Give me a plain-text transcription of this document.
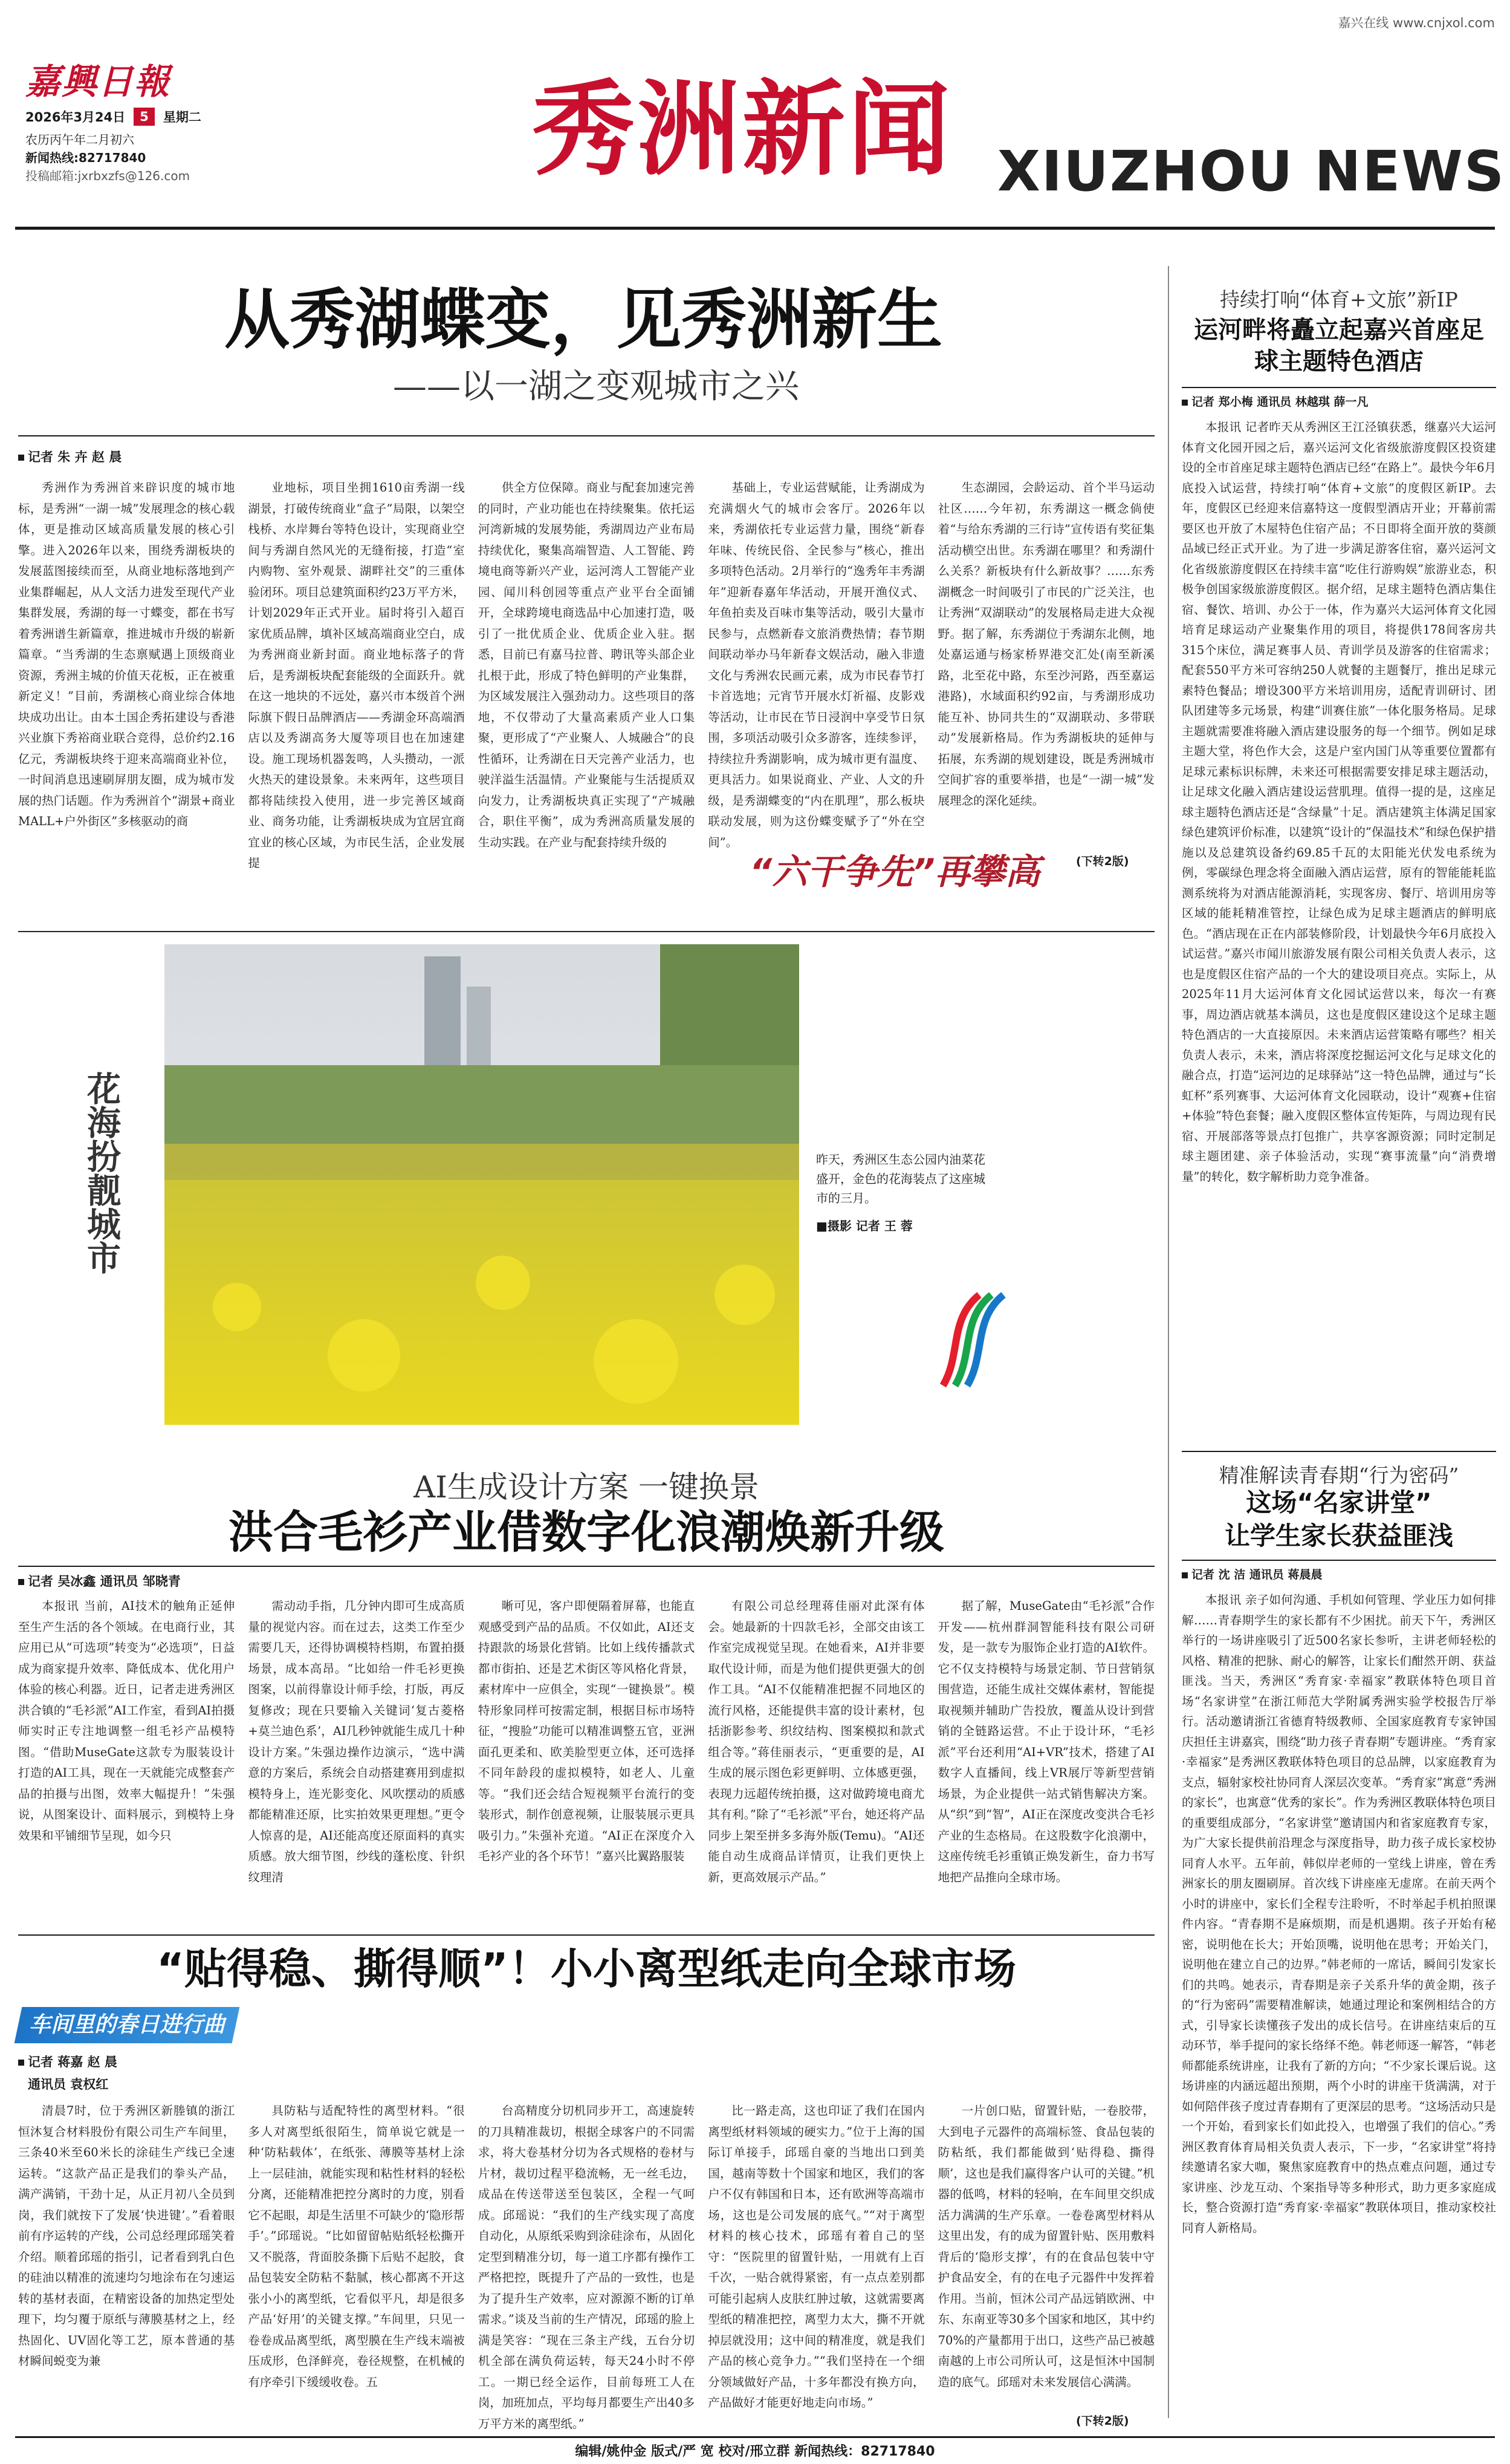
嘉兴在线 www.cnjxol.com
嘉興日報
2026年3月24日	5	星期二
农历丙午年二月初六
新闻热线:82717840
投稿邮箱:jxrbxzfs@126.com	秀洲新闻 XIUZHOU NEWS
从秀湖蝶变，见秀洲新生
——以一湖之变观城市之兴
记者 朱 卉 赵 晨
秀洲作为秀洲首来辟识度的城市地标，是秀洲“一湖一城”发展理念的核心载体，更是推动区域高质量发展的核心引擎。进入2026年以来，围绕秀湖板块的发展蓝图接续而至，从商业地标落地到产业集群崛起，从人文活力进发至现代产业集群发展，秀湖的每一寸蝶变，都在书写着秀洲谱生新篇章，推进城市升级的崭新篇章。“当秀湖的生态禀赋遇上顶级商业资源，秀洲主城的价值天花板，正在被重新定义！”目前，秀湖核心商业综合体地块成功出让。由本土国企秀拓建设与香港兴业旗下秀裕商业联合竞得，总价约2.16亿元，秀湖板块终于迎来高端商业补位，一时间消息迅速刷屏朋友圈，成为城市发展的热门话题。作为秀洲首个“湖景+商业MALL+户外街区”多核驱动的商
业地标，项目坐拥1610亩秀湖一线湖景，打破传统商业“盒子”局限，以架空栈桥、水岸舞台等特色设计，实现商业空间与秀湖自然风光的无缝衔接，打造“室内购物、室外观景、湖畔社交”的三重体验闭环。项目总建筑面积约23万平方米，计划2029年正式开业。届时将引入超百家优质品牌，填补区域高端商业空白，成为秀洲商业新封面。商业地标落子的背后，是秀湖板块配套能级的全面跃升。就在这一地块的不远处，嘉兴市本级首个洲际旗下假日品牌酒店——秀湖金环高端酒店以及秀湖高务大厦等项目也在加速建设。施工现场机器轰鸣，人头攒动，一派火热天的建设景象。未来两年，这些项目都将陆续投入使用，进一步完善区域商业、商务功能，让秀湖板块成为宜居宜商宜业的核心区域，为市民生活，企业发展提
供全方位保障。商业与配套加速完善的同时，产业功能也在持续聚集。依托运河湾新城的发展势能，秀湖周边产业布局持续优化，聚集高端智造、人工智能、跨境电商等新兴产业，运河湾人工智能产业园、闻川科创园等重点产业平台全面铺开，全球跨境电商选品中心加速打造，吸引了一批优质企业、优质企业入驻。据悉，目前已有嘉马拉普、聘讯等头部企业扎根于此，形成了特色鲜明的产业集群，为区域发展注入强劲动力。这些项目的落地，不仅带动了大量高素质产业人口集聚，更形成了“产业聚人、人城融合”的良性循环，让秀湖在日天完善产业活力，也驶洋溢生活温情。产业聚能与生活提质双向发力，让秀湖板块真正实现了“产城融合，职住平衡”，成为秀洲高质量发展的生动实践。在产业与配套持续升级的
基础上，专业运营赋能，让秀湖成为充满烟火气的城市会客厅。2026年以来，秀湖依托专业运营力量，围绕“新春年味、传统民俗、全民参与”核心，推出多项特色活动。2月举行的“逸秀年丰秀湖年”迎新春嘉年华活动，开展开渔仪式、年鱼拍卖及百味市集等活动，吸引大量市民参与，点燃新春文旅消费热情；春节期间联动举办马年新春文娱活动，融入非遗文化与秀洲农民画元素，成为市民春节打卡首选地；元宵节开展水灯祈福、皮影戏等活动，让市民在节日浸润中享受节日氛围，多项活动吸引众多游客，连续参评，持续拉升秀湖影响，成为城市更有温度、更具活力。如果说商业、产业、人文的升级，是秀湖蝶变的“内在肌理”，那么板块联动发展，则为这份蝶变赋予了“外在空间”。
生态湖园，会龄运动、首个半马运动社区……今年初，东秀湖这一概念倘使着“与给东秀湖的三行诗”宣传语有奖征集活动横空出世。东秀湖在哪里？和秀湖什么关系？新板块有什么新故事？……东秀湖概念一时间吸引了市民的广泛关注，也让秀洲“双湖联动”的发展格局走进大众视野。据了解，东秀湖位于秀湖东北侧，地处嘉运通与杨家桥界港交汇处(南至新溪路，北至花中路，东至沙河路，西至嘉运港路)，水域面积约92亩，与秀湖形成功能互补、协同共生的“双湖联动、多带联动”发展新格局。作为秀湖板块的延伸与拓展，东秀湖的规划建设，既是秀洲城市空间扩容的重要举措，也是“一湖一城”发展理念的深化延续。
(下转2版)
“六干争先”再攀高
花海扮靓城市	昨天，秀洲区生态公园内油菜花盛开，金色的花海装点了这座城市的三月。
■摄影 记者 王 蓉
持续打响“体育+文旅”新IP
运河畔将矗立起嘉兴首座足球主题特色酒店
记者 郑小梅 通讯员 林越琪 薛一凡
本报讯 记者昨天从秀洲区王江泾镇获悉，继嘉兴大运河体育文化园开园之后，嘉兴运河文化省级旅游度假区投资建设的全市首座足球主题特色酒店已经“在路上”。最快今年6月底投入试运营，持续打响“体育+文旅”的度假区新IP。去年，度假区已经迎来信嘉特这一度假型酒店开业；开幕前需要区也开放了木屋特色住宿产品；不日即将全面开放的葵颜品域已经正式开业。为了进一步满足游客住宿，嘉兴运河文化省级旅游度假区在持续丰富“吃住行游购娱”旅游业态，积极争创国家级旅游度假区。据介绍，足球主题特色酒店集住宿、餐饮、培训、办公于一体，作为嘉兴大运河体育文化园培育足球运动产业聚集作用的项目，将提供178间客房共315个床位，满足赛事人员、青训学员及游客的住宿需求；配套550平方米可容纳250人就餐的主题餐厅，推出足球元素特色餐品；增设300平方米培训用房，适配青训研讨、团队团建等多元场景，构建“训赛住旅”一体化服务格局。足球主题就需要准将融入酒店建设服务的每一个细节。例如足球主题大堂，将色作大会，这是户室内国门从等重要位置都有足球元素标识标牌，未来还可根据需要安排足球主题活动，让足球文化融入酒店建设运营肌理。值得一提的是，这座足球主题特色酒店还是“含绿量”十足。酒店建筑主体满足国家绿色建筑评价标准，以建筑“设计的”保温技术”和绿色保护措施以及总建筑设备约69.85千瓦的太阳能光伏发电系统为例，零碳绿色理念将全面融入酒店运营，原有的智能能耗监测系统将为对酒店能源消耗，实现客房、餐厅、培训用房等区域的能耗精准管控，让绿色成为足球主题酒店的鲜明底色。“酒店现在正在内部装修阶段，计划最快今年6月底投入试运营。”嘉兴市闻川旅游发展有限公司相关负责人表示，这也是度假区住宿产品的一个大的建设项目亮点。实际上，从2025年11月大运河体育文化园试运营以来，每次一有赛事，周边酒店就基本满员，这也是度假区建设这个足球主题特色酒店的一大直接原因。未来酒店运营策略有哪些？相关负责人表示，未来，酒店将深度挖掘运河文化与足球文化的融合点，打造“运河边的足球驿站”这一特色品牌，通过与“长虹杯”系列赛事、大运河体育文化园联动，设计“观赛+住宿+体验”特色套餐；融入度假区整体宣传矩阵，与周边现有民宿、开展部落等景点打包推广，共享客源资源；同时定制足球主题团建、亲子体验活动，实现“赛事流量”向“消费增量”的转化，数字解析助力竞争准备。
精准解读青春期“行为密码”
这场“名家讲堂”
让学生家长获益匪浅
记者 沈 洁 通讯员 蒋晨晨
本报讯 亲子如何沟通、手机如何管理、学业压力如何排解……青春期学生的家长都有不少困扰。前天下午，秀洲区举行的一场讲座吸引了近500名家长参听，主讲老师轻松的风格、精准的把脉、耐心的解答，让家长们酣然开朗、获益匪浅。当天，秀洲区“秀育家·幸福家”教联体特色项目首场“名家讲堂”在浙江师范大学附属秀洲实验学校报告厅举行。活动邀请浙江省德育特级教师、全国家庭教育专家钟国庆担任主讲嘉宾，围绕“助力孩子青春期”专题讲座。“秀育家·幸福家”是秀洲区教联体特色项目的总品牌，以家庭教育为支点，辐射家校社协同育人深层次变革。“秀育家”寓意“秀洲的家长”，也寓意“优秀的家长”。作为秀洲区教联体特色项目的重要组成部分，“名家讲堂”邀请国内和省家庭教育专家，为广大家长提供前沿理念与深度指导，助力孩子成长家校协同育人水平。五年前，韩似岸老师的一堂线上讲座，曾在秀洲家长的朋友圈刷屏。首次线下讲座座无虚席。在前天两个小时的讲座中，家长们全程专注聆听，不时举起手机拍照课件内容。“青春期不是麻烦期，而是机遇期。孩子开始有秘密，说明他在长大；开始顶嘴，说明他在思考；开始关门，说明他在建立自己的边界。”韩老师的一席话，瞬间引发家长们的共鸣。她表示，青春期是亲子关系升华的黄金期，孩子的“行为密码”需要精准解读，她通过理论和案例相结合的方式，引导家长读懂孩子发出的成长信号。在讲座结束后的互动环节，举手提问的家长络绎不绝。韩老师逐一解答，“韩老师都能系统讲座，让我有了新的方向；“不少家长课后说。这场讲座的内涵远超出预期，两个小时的讲座干货满满，对于如何陪伴孩子度过青春期有了更深层的思考。“这场活动只是一个开始，看到家长们如此投入，也增强了我们的信心。”秀洲区教育体育局相关负责人表示，下一步，“名家讲堂”将持续邀请名家大咖，聚焦家庭教育中的热点难点问题，通过专家讲座、沙龙互动、个案指导等多种形式，助力更多家庭成长，整合资源打造“秀育家·幸福家”教联体项目，推动家校社同育人新格局。
AI生成设计方案 一键换景
洪合毛衫产业借数字化浪潮焕新升级
记者 吴冰鑫 通讯员 邹晓青
本报讯 当前，AI技术的触角正延伸至生产生活的各个领域。在电商行业，其应用已从“可选项”转变为“必选项”，日益成为商家提升效率、降低成本、优化用户体验的核心利器。近日，记者走进秀洲区洪合镇的“毛衫派”AI工作室，看到AI拍摄师实时正专注地调整一组毛衫产品模特图。“借助MuseGate这款专为服装设计打造的AI工具，现在一天就能完成整套产品的拍摄与出图，效率大幅提升！”朱强说，从图案设计、面料展示，到模特上身效果和平铺细节呈现，如今只
需动动手指，几分钟内即可生成高质量的视觉内容。而在过去，这类工作至少需要几天，还得协调模特档期，布置拍摄场景，成本高昂。“比如给一件毛衫更换图案，以前得靠设计师手绘，打版，再反复修改；现在只要输入关键词‘复古菱格+莫兰迪色系’，AI几秒钟就能生成几十种设计方案。”朱强边操作边演示，“选中满意的方案后，系统会自动搭建赛用到虚拟模特身上，连光影变化、风吹摆动的质感都能精准还原，比实拍效果更理想。”更令人惊喜的是，AI还能高度还原面料的真实质感。放大细节图，纱线的蓬松度、针织纹理清
晰可见，客户即便隔着屏幕，也能直观感受到产品的品质。不仅如此，AI还支持跟款的场景化营销。比如上线传播款式都市街拍、还是艺术街区等风格化背景，素材库中一应俱全，实现“一键换景”。模特形象同样可按需定制，根据目标市场特征，“搜脸”功能可以精准调整五官，亚洲面孔更柔和、欧美脸型更立体，还可选择不同年龄段的虚拟模特，如老人、儿童等。“我们还会结合短视频平台流行的变装形式，制作创意视频，让服装展示更具吸引力。”朱强补充道。“AI正在深度介入毛衫产业的各个环节！”嘉兴比翼路服装
有限公司总经理蒋佳丽对此深有体会。她最新的十四款毛衫，全部交由该工作室完成视觉呈现。在她看来，AI并非要取代设计师，而是为他们提供更强大的创作工具。“AI不仅能精准把握不同地区的流行风格，还能提供丰富的设计素材，包括浙影参考、织纹结构、图案模拟和款式组合等。”蒋佳丽表示，“更重要的是，AI生成的展示图色彩更鲜明、立体感更强，表现力远超传统拍摄，这对做跨境电商尤其有利。”除了“毛衫派”平台，她还将产品同步上架至拼多多海外版(Temu)。“AI还能自动生成商品详情页，让我们更快上新，更高效展示产品。”
据了解，MuseGate由“毛衫派”合作开发——杭州群洞智能科技有限公司研发，是一款专为服饰企业打造的AI软件。它不仅支持模特与场景定制、节日营销氛围营造，还能生成社交媒体素材，智能提取视频并辅助广告投放，覆盖从设计到营销的全链路运营。不止于设计环，“毛衫派”平台还利用“AI+VR”技术，搭建了AI数字人直播间，线上VR展厅等新型营销场景，为企业提供一站式销售解决方案。从“织”到“智”，AI正在深度改变洪合毛衫产业的生态格局。在这股数字化浪潮中，这座传统毛衫重镇正焕发新生，奋力书写地把产品推向全球市场。
“贴得稳、撕得顺”！小小离型纸走向全球市场
车间里的春日进行曲
记者 蒋嘉 赵 晨
通讯员 袁权红
清晨7时，位于秀洲区新塍镇的浙江恒沐复合材料股份有限公司生产车间里，三条40米至60米长的涂硅生产线已全速运转。“这款产品正是我们的拳头产品，满产满销，干劲十足，从正月初八全员到岗，我们就按下了发展‘快进键’。”看着眼前有序运转的产线，公司总经理邱瑶笑着介绍。顺着邱瑶的指引，记者看到乳白色的硅油以精准的流速均匀地涂布在匀速运转的基材表面，在精密设备的加热定型处理下，均匀覆于原纸与薄膜基材之上，经热固化、UV固化等工艺，原本普通的基材瞬间蜕变为兼
具防粘与适配特性的离型材料。“很多人对离型纸很陌生，简单说它就是一种‘防粘载体’，在纸张、薄膜等基材上涂上一层硅油，就能实现和粘性材料的轻松分离，还能精准把控分离时的力度，别看它不起眼，却是生活里不可缺少的‘隐形帮手’。”邱瑶说。“比如留留帖贴纸轻松撕开又不脱落，背面胶条撕下后贴不起胶，食品包装安全防粘不黏腻，核心都离不开这张小小的离型纸，它看似平凡，却是很多产品‘好用’的关键支撑。”车间里，只见一卷卷成品离型纸，离型膜在生产线末端被压成形，色泽鲜亮，卷径规整，在机械的有序牵引下缓缓收卷。五
台高精度分切机同步开工，高速旋转的刀具精准裁切，根据全球客户的不同需求，将大卷基材分切为各式规格的卷材与片材，裁切过程平稳流畅，无一丝毛边，成品在传送带送至包装区，全程一气呵成。邱瑶说：“我们的生产线实现了高度自动化，从原纸采购到涂硅涂布，从固化定型到精准分切，每一道工序都有操作工严格把控，既提升了产品的一致性，也是为了提升生产效率，应对源源不断的订单需求。”谈及当前的生产情况，邱瑶的脸上满是笑容：“现在三条主产线，五台分切机全部在满负荷运转，每天24小时不停工。一期已经全运作，目前每班工人在岗，加班加点，平均每月都要生产出40多万平方米的离型纸。”
比一路走高，这也印证了我们在国内离型纸材料领域的硬实力。”位于上海的国际订单接手，邱瑶自豪的当地出口到美国，越南等数十个国家和地区，我们的客户不仅有韩国和日本，还有欧洲等高端市场，这也是公司发展的底气。”“对于离型材料的核心技术，邱瑶有着自己的坚守：“医院里的留置针贴，一用就有上百千次，一贴合就得紧密，有一点点差别都可能引起病人皮肤红肿过敏，这就需要离型纸的精准把控，离型力太大，撕不开就掉层就没用；这中间的精准度，就是我们产品的核心竞争力。”“我们坚持在一个细分领域做好产品，十多年都没有换方向，产品做好才能更好地走向市场。”
一片创口贴，留置针贴，一卷胶带，大到电子元器件的高端标签、食品包装的防粘纸，我们都能做到‘贴得稳、撕得顺’，这也是我们赢得客户认可的关键。”机器的低鸣，材料的轻响，在车间里交织成活力满满的生产乐章。一卷卷离型材料从这里出发，有的成为留置针贴、医用敷料背后的‘隐形支撑’，有的在食品包装中守护食品安全，有的在电子元器件中发挥着作用。当前，恒沐公司产品远销欧洲、中东、东南亚等30多个国家和地区，其中约70%的产量都用于出口，这些产品已被越南越的上市公司所认可，这是恒沐中国制造的底气。邱瑶对未来发展信心满满。
(下转2版)
编辑/姚仲金 版式/严 宽 校对/邢立群 新闻热线：82717840
